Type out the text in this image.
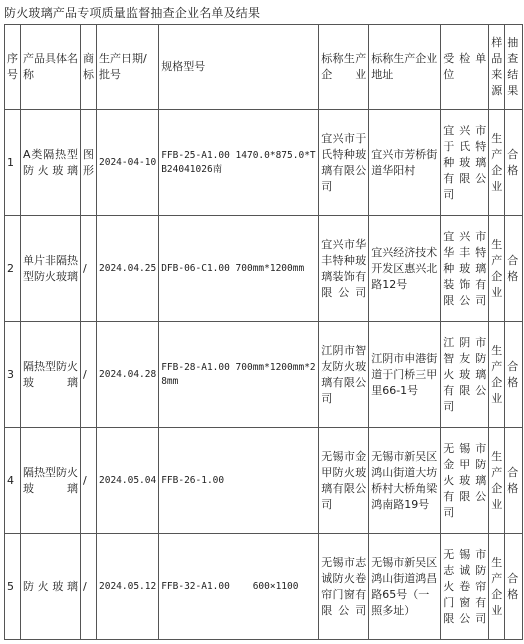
防火玻璃产品专项质量监督抽查企业名单及结果
序号	产品具体名称	商标	生产日期/批号	规格型号	标称生产企业	标称生产企业地址	受检单位	样品来源	抽查结果

1	A类隔热型防火玻璃	图形	2024-04-10	FFB-25-A1.00 1470.0*875.0*TB24041026南	宜兴市于氏特种玻璃有限公司	宜兴市芳桥街道华阳村	宜兴市于氏特种玻璃有限公司	生产企业	合格

2	单片非隔热型防火玻璃	/	2024.04.25	DFB-06-C1.00 700mm*1200mm	宜兴市华丰特种玻璃装饰有限公司	宜兴经济技术开发区惠兴北路12号	宜兴市华丰特种玻璃装饰有限公司	生产企业	合格

3	隔热型防火玻璃	/	2024.04.28	FFB-28-A1.00 700mm*1200mm*28mm	江阴市智友防火玻璃有限公司	江阴市申港街道于门桥三甲里66-1号	江阴市智友防火玻璃有限公司	生产企业	合格

4	隔热型防火玻璃	/	2024.05.04	FFB-26-1.00	无锡市金甲防火玻璃有限公司	无锡市新吴区鸿山街道大坊桥村大桥角梁鸿南路19号	无锡市金甲防火玻璃有限公司	生产企业	合格

5	防火玻璃	/	2024.05.12	FFB-32-A1.00    600×1100	无锡市志诚防火卷帘门窗有限公司	无锡市新吴区鸿山街道鸿昌路65号（一照多址）	无锡市志诚防火卷帘门窗有限公司	生产企业	合格
